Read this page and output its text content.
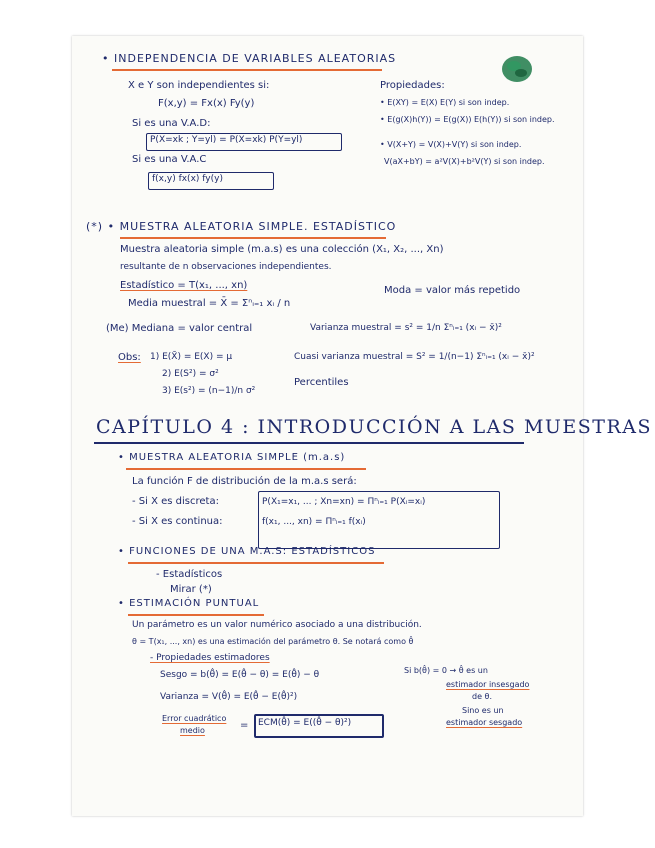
• INDEPENDENCIA DE VARIABLES ALEATORIAS
X e Y son independientes si:
F(x,y) = Fx(x) Fy(y)
Si es una V.A.D:
P(X=xk ; Y=yl) = P(X=xk) P(Y=yl)
Si es una V.A.C
f(x,y) fx(x) fy(y)
Propiedades:
• E(XY) = E(X) E(Y) si son indep.
• E(g(X)h(Y)) = E(g(X)) E(h(Y)) si son indep.
• V(X+Y) = V(X)+V(Y) si son indep.
V(aX+bY) = a²V(X)+b²V(Y) si son indep.
(*) • MUESTRA ALEATORIA SIMPLE. ESTADÍSTICO
Muestra aleatoria simple (m.a.s) es una colección (X₁, X₂, ..., Xn)
resultante de n observaciones independientes.
Estadístico = T(x₁, ..., xn)
Media muestral = X̄ = Σⁿᵢ₌₁ xᵢ / n
Moda = valor más repetido
(Me) Mediana = valor central	Varianza muestral = s² = 1/n Σⁿᵢ₌₁ (xᵢ − x̄)²
Obs: 1) E(X̄) = E(X) = μ
2) E(S²) = σ²
3) E(s²) = (n−1)/n σ²
Cuasi varianza muestral = S² = 1/(n−1) Σⁿᵢ₌₁ (xᵢ − x̄)²
Percentiles
CAPÍTULO 4 : INTRODUCCIÓN A LAS MUESTRAS
• MUESTRA ALEATORIA SIMPLE (m.a.s)
La función F de distribución de la m.a.s será:
- Si X es discreta:
- Si X es continua:
P(X₁=x₁, ... ; Xn=xn) = Πⁿᵢ₌₁ P(Xᵢ=xᵢ)
f(x₁, ..., xn) = Πⁿᵢ₌₁ f(xᵢ)
• FUNCIONES DE UNA M.A.S: ESTADÍSTICOS
- Estadísticos
Mirar (*)
• ESTIMACIÓN PUNTUAL
Un parámetro es un valor numérico asociado a una distribución.
θ = T(x₁, ..., xn) es una estimación del parámetro θ. Se notará como θ̂
- Propiedades estimadores
Sesgo = b(θ̂) = E(θ̂ − θ) = E(θ̂) − θ
Varianza = V(θ̂) = E(θ̂ − E(θ̂)²)
Error cuadrático
medio	= ECM(θ̂) = E((θ̂ − θ)²)
Si b(θ̂) = 0 → θ̂ es un
estimador insesgado
de θ.
Sino es un
estimador sesgado
